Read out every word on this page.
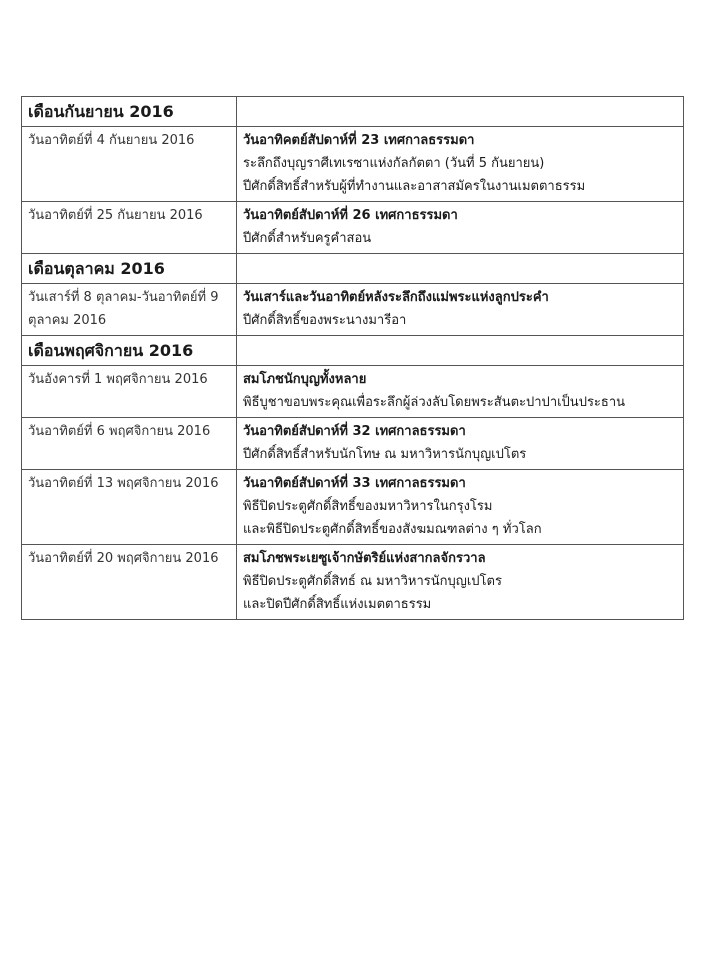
เดือนกันยายน 2016	
วันอาทิตย์ที่ 4 กันยายน 2016	วันอาทิคตย์สัปดาห์ที่ 23 เทศกาลธรรมดา
ระลึกถึงบุญราศีเทเรซาแห่งกัลกัตตา (วันที่ 5 กันยายน)
ปีศักดิ์สิทธิ์สำหรับผู้ที่ทำงานและอาสาสมัครในงานเมตตาธรรม

วันอาทิตย์ที่ 25 กันยายน 2016	วันอาทิตย์สัปดาห์ที่ 26 เทศกาธรรมดา
ปีศักดิ์สำหรับครูคำสอน

เดือนตุลาคม 2016	
วันเสาร์ที่ 8 ตุลาคม-วันอาทิตย์ที่ 9 ตุลาคม 2016	วันเสาร์และวันอาทิตย์หลังระลึกถึงแม่พระแห่งลูกประคำ
ปีศักดิ์สิทธิ์ของพระนางมารีอา

เดือนพฤศจิกายน 2016	
วันอังคารที่ 1 พฤศจิกายน 2016	สมโภชนักบุญทั้งหลาย
พิธีบูชาขอบพระคุณเพื่อระลึกผู้ล่วงลับโดยพระสันตะปาปาเป็นประธาน

วันอาทิตย์ที่ 6 พฤศจิกายน 2016	วันอาทิตย์สัปดาห์ที่ 32 เทศกาลธรรมดา
ปีศักดิ์สิทธิ์สำหรับนักโทษ ณ มหาวิหารนักบุญเปโตร

วันอาทิตย์ที่ 13 พฤศจิกายน 2016	วันอาทิตย์สัปดาห์ที่ 33 เทศกาลธรรมดา
พิธีปิดประตูศักดิ์สิทธิ์ของมหาวิหารในกรุงโรม
และพิธีปิดประตูศักดิ์สิทธิ์ของสังฆมณฑลต่าง ๆ ทั่วโลก

วันอาทิตย์ที่ 20 พฤศจิกายน 2016	สมโภชพระเยซูเจ้ากษัตริย์แห่งสากลจักรวาล
พิธีปิดประตูศักดิ์สิทธ์ ณ มหาวิหารนักบุญเปโตร
และปิดปีศักดิ์สิทธิ์แห่งเมตตาธรรม
